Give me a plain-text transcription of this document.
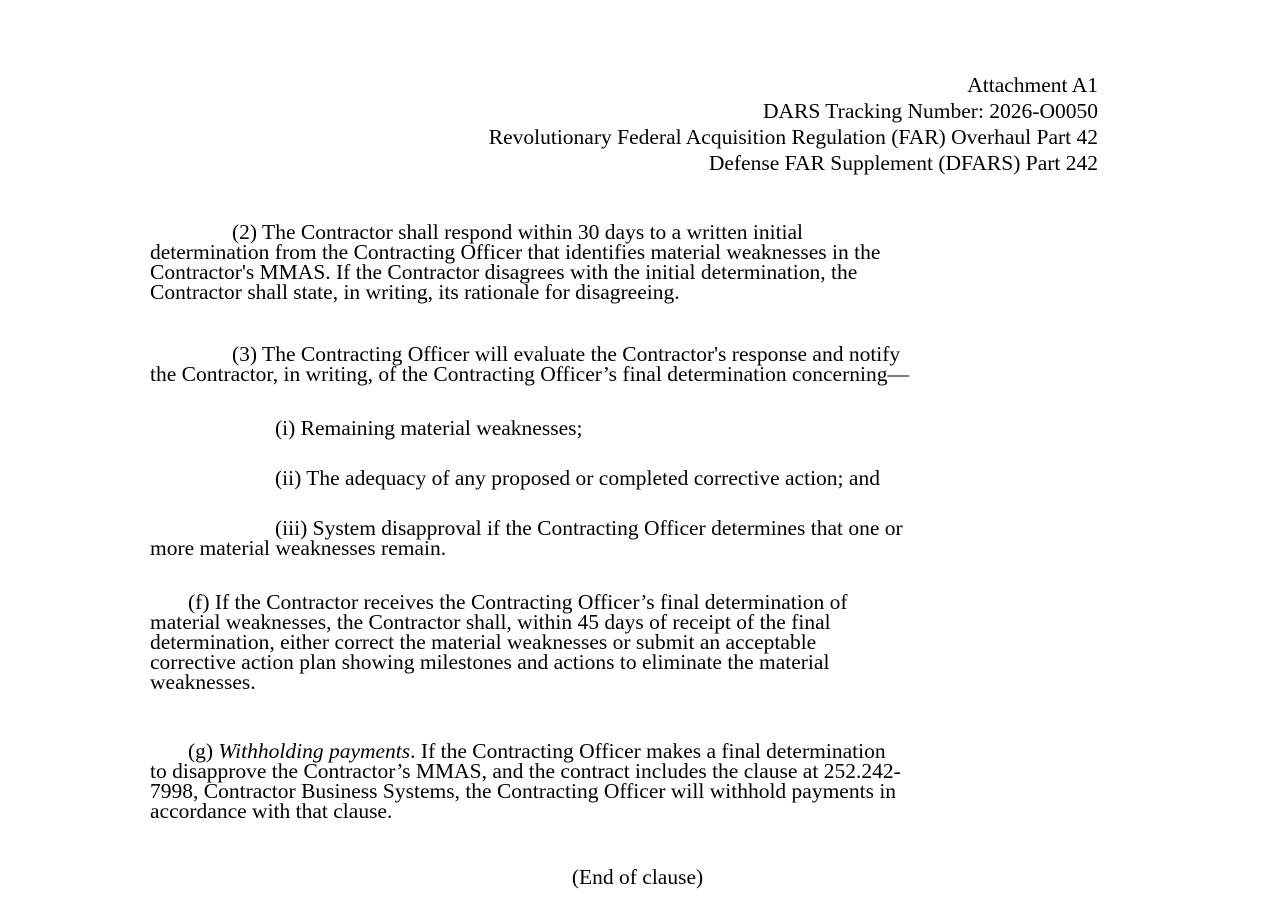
Attachment A1
DARS Tracking Number: 2026-O0050
Revolutionary Federal Acquisition Regulation (FAR) Overhaul Part 42
Defense FAR Supplement (DFARS) Part 242
(2) The Contractor shall respond within 30 days to a written initial
determination from the Contracting Officer that identifies material weaknesses in the
Contractor's MMAS. If the Contractor disagrees with the initial determination, the
Contractor shall state, in writing, its rationale for disagreeing.
(3) The Contracting Officer will evaluate the Contractor's response and notify
the Contractor, in writing, of the Contracting Officer’s final determination concerning—
(i) Remaining material weaknesses;
(ii) The adequacy of any proposed or completed corrective action; and
(iii) System disapproval if the Contracting Officer determines that one or
more material weaknesses remain.
(f) If the Contractor receives the Contracting Officer’s final determination of
material weaknesses, the Contractor shall, within 45 days of receipt of the final
determination, either correct the material weaknesses or submit an acceptable
corrective action plan showing milestones and actions to eliminate the material
weaknesses.
(g) Withholding payments. If the Contracting Officer makes a final determination
to disapprove the Contractor’s MMAS, and the contract includes the clause at 252.242-
7998, Contractor Business Systems, the Contracting Officer will withhold payments in
accordance with that clause.
(End of clause)
